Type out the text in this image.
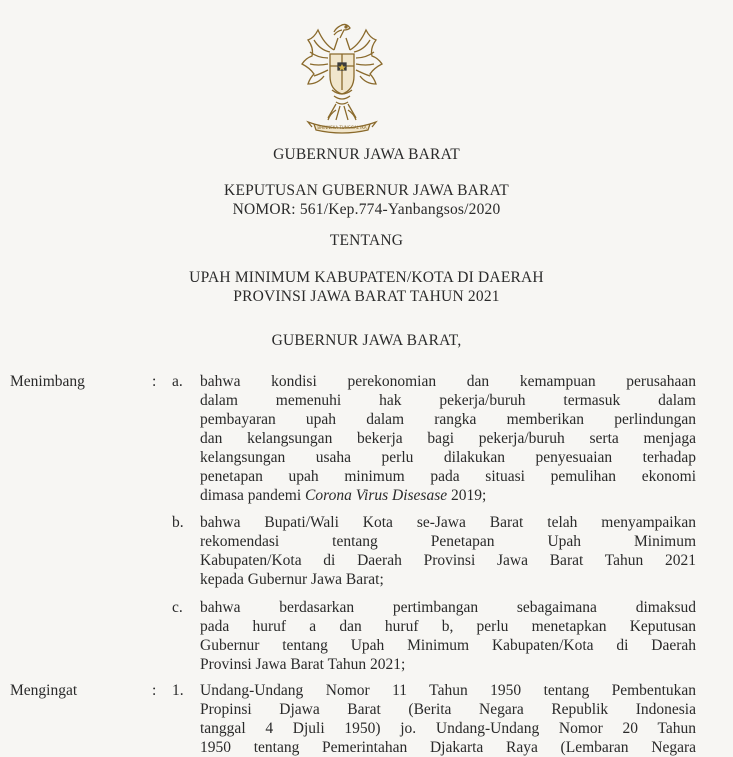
BHINNEKA TUNGGAL IKA
GUBERNUR JAWA BARAT
KEPUTUSAN GUBERNUR JAWA BARAT
NOMOR: 561/Kep.774-Yanbangsos/2020
TENTANG
UPAH MINIMUM KABUPATEN/KOTA DI DAERAH
PROVINSI JAWA BARAT TAHUN 2021
GUBERNUR JAWA BARAT,
Menimbang	: a. bahwa kondisi perekonomian dan kemampuan perusahaan
dalam memenuhi hak pekerja/buruh termasuk dalam
pembayaran upah dalam rangka memberikan perlindungan
dan kelangsungan bekerja bagi pekerja/buruh serta menjaga
kelangsungan usaha perlu dilakukan penyesuaian terhadap
penetapan upah minimum pada situasi pemulihan ekonomi
dimasa pandemi Corona Virus Disesase 2019;
b. bahwa Bupati/Wali Kota se-Jawa Barat telah menyampaikan
rekomendasi tentang Penetapan Upah Minimum
Kabupaten/Kota di Daerah Provinsi Jawa Barat Tahun 2021
kepada Gubernur Jawa Barat;
c. bahwa berdasarkan pertimbangan sebagaimana dimaksud
pada huruf a dan huruf b, perlu menetapkan Keputusan
Gubernur tentang Upah Minimum Kabupaten/Kota di Daerah
Provinsi Jawa Barat Tahun 2021;
Mengingat	: 1. Undang-Undang Nomor 11 Tahun 1950 tentang Pembentukan
Propinsi Djawa Barat (Berita Negara Republik Indonesia
tanggal 4 Djuli 1950) jo. Undang-Undang Nomor 20 Tahun
1950 tentang Pemerintahan Djakarta Raya (Lembaran Negara
